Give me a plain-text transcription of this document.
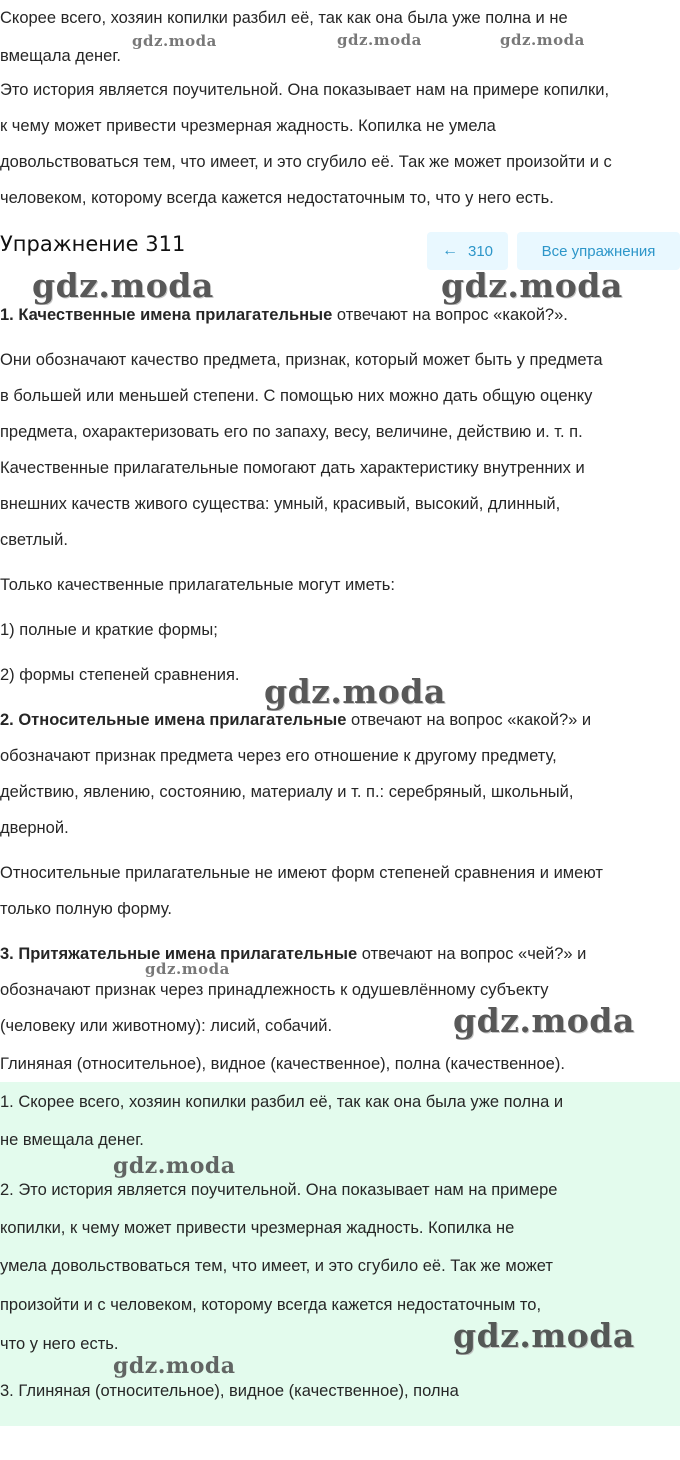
Скорее всего, хозяин копилки разбил её, так как она была уже полна и не

вмещала денег.

Это история является поучительной. Она показывает нам на примере копилки,

к чему может привести чрезмерная жадность. Копилка не умела

довольствоваться тем, что имеет, и это сгубило её. Так же может произойти и с

человеком, которому всегда кажется недостаточным то, что у него есть.

Упражнение 311	← 310	Все упражнения

1. Качественные имена прилагательные отвечают на вопрос «какой?».

Они обозначают качество предмета, признак, который может быть у предмета

в большей или меньшей степени. С помощью них можно дать общую оценку

предмета, охарактеризовать его по запаху, весу, величине, действию и. т. п.

Качественные прилагательные помогают дать характеристику внутренних и

внешних качеств живого существа: умный, красивый, высокий, длинный,

светлый.

Только качественные прилагательные могут иметь:

1) полные и краткие формы;

2) формы степеней сравнения.

2. Относительные имена прилагательные отвечают на вопрос «какой?» и

обозначают признак предмета через его отношение к другому предмету,

действию, явлению, состоянию, материалу и т. п.: серебряный, школьный,

дверной.

Относительные прилагательные не имеют форм степеней сравнения и имеют

только полную форму.

3. Притяжательные имена прилагательные отвечают на вопрос «чей?» и

обозначают признак через принадлежность к одушевлённому субъекту

(человеку или животному): лисий, собачий.

Глиняная (относительное), видное (качественное), полна (качественное).

1. Скорее всего, хозяин копилки разбил её, так как она была уже полна и

не вмещала денег.

2. Это история является поучительной. Она показывает нам на примере

копилки, к чему может привести чрезмерная жадность. Копилка не

умела довольствоваться тем, что имеет, и это сгубило её. Так же может

произойти и с человеком, которому всегда кажется недостаточным то,

что у него есть.

3. Глиняная (относительное), видное (качественное), полна

gdz.moda	gdz.moda	gdz.moda
gdz.moda	gdz.moda
gdz.moda
gdz.moda
gdz.moda
gdz.moda
gdz.moda
gdz.moda
